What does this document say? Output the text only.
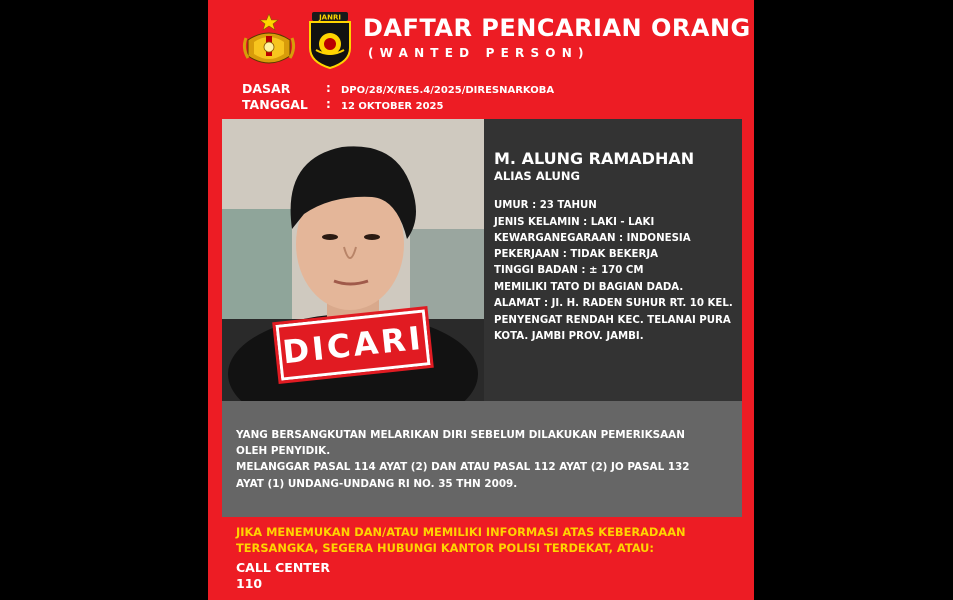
JANRI DAFTAR PENCARIAN ORANG
(WANTED PERSON)
DASAR	: DPO/28/X/RES.4/2025/DIRESNARKOBA
TANGGAL : 12 OKTOBER 2025
DICARI
M. ALUNG RAMADHAN
ALIAS ALUNG
UMUR : 23 TAHUN
JENIS KELAMIN : LAKI - LAKI
KEWARGANEGARAAN : INDONESIA
PEKERJAAN : TIDAK BEKERJA
TINGGI BADAN : ± 170 CM
MEMILIKI TATO DI BAGIAN DADA.
ALAMAT : JI. H. RADEN SUHUR RT. 10 KEL.
PENYENGAT RENDAH KEC. TELANAI PURA
KOTA. JAMBI PROV. JAMBI.
YANG BERSANGKUTAN MELARIKAN DIRI SEBELUM DILAKUKAN PEMERIKSAAN
OLEH PENYIDIK.
MELANGGAR PASAL 114 AYAT (2) DAN ATAU PASAL 112 AYAT (2) JO PASAL 132
AYAT (1) UNDANG-UNDANG RI NO. 35 THN 2009.
JIKA MENEMUKAN DAN/ATAU MEMILIKI INFORMASI ATAS KEBERADAAN
TERSANGKA, SEGERA HUBUNGI KANTOR POLISI TERDEKAT, ATAU:
CALL CENTER
110
